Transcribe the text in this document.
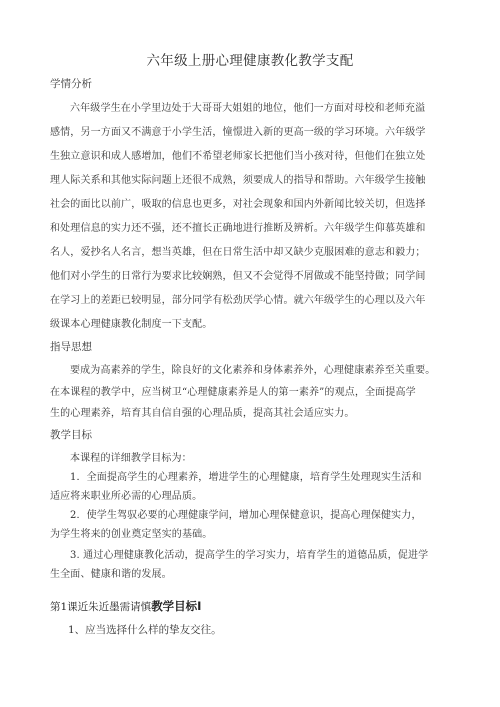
六年级上册心理健康教化教学支配
学情分析
六年级学生在小学里边处于大哥哥大姐姐的地位，他们一方面对母校和老师充溢
感情，另一方面又不满意于小学生活，憧憬进入新的更高一级的学习环境。六年级学
生独立意识和成人感增加，他们不希望老师家长把他们当小孩对待，但他们在独立处
理人际关系和其他实际问题上还很不成熟，须要成人的指导和帮助。六年级学生接触
社会的面比以前广，吸取的信息也更多，对社会现象和国内外新闻比较关切，但选择
和处理信息的实力还不强，还不擅长正确地进行推断及辨析。六年级学生仰慕英雄和
名人，爱抄名人名言，想当英雄，但在日常生活中却又缺少克服困难的意志和毅力；
他们对小学生的日常行为要求比较娴熟，但又不会觉得不屑做或不能坚持做；同学间
在学习上的差距已较明显，部分同学有松劲厌学心情。就六年级学生的心理以及六年
级课本心理健康教化制度一下支配。
指导思想
要成为高素养的学生，除良好的文化素养和身体素养外，心理健康素养至关重要。
在本课程的教学中，应当树卫“心理健康素养是人的第一素养”的观点，全面提高学
生的心理素养，培育其自信自强的心理品质，提高其社会适应实力。
教学目标
本课程的详细教学目标为：
1．全面提高学生的心理素养，增进学生的心理健康，培育学生处理现实生活和
适应将来职业所必需的心理品质。
2．使学生驾驭必要的心理健康学问，增加心理保健意识，提高心理保健实力，
为学生将来的创业奠定坚实的基础。
3. 通过心理健康教化活动，提高学生的学习实力，培育学生的道德品质，促进学
生全面、健康和谐的发展。
第1课近朱近墨需请慎教学目标I
1、应当选择什么样的挚友交往。
